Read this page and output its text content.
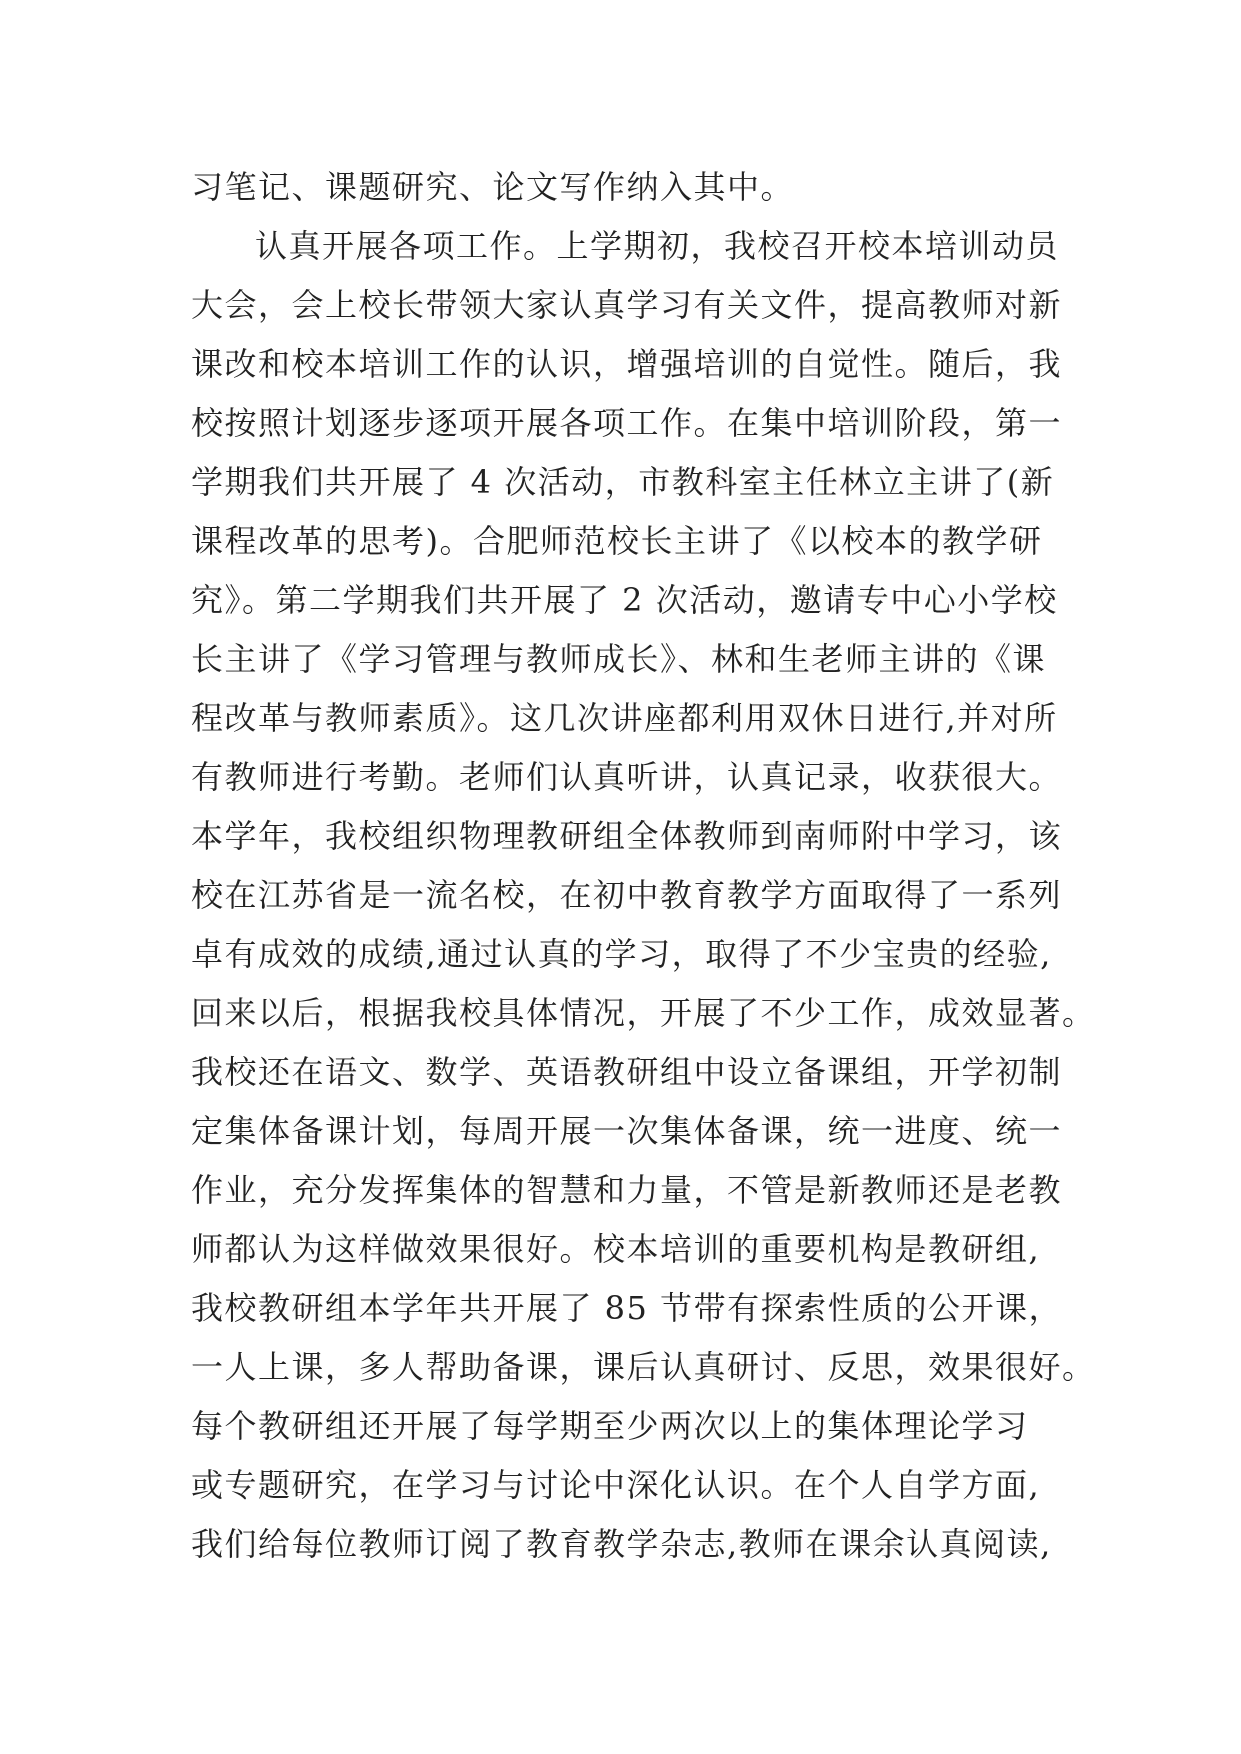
习笔记、课题研究、论文写作纳入其中。
认真开展各项工作。上学期初，我校召开校本培训动员
大会，会上校长带领大家认真学习有关文件，提高教师对新
课改和校本培训工作的认识，增强培训的自觉性。随后，我
校按照计划逐步逐项开展各项工作。在集中培训阶段，第一
学期我们共开展了 4 次活动，市教科室主任林立主讲了(新
课程改革的思考)。合肥师范校长主讲了《以校本的教学研
究》。第二学期我们共开展了 2 次活动，邀请专中心小学校
长主讲了《学习管理与教师成长》、林和生老师主讲的《课
程改革与教师素质》。这几次讲座都利用双休日进行,并对所
有教师进行考勤。老师们认真听讲，认真记录，收获很大。
本学年，我校组织物理教研组全体教师到南师附中学习，该
校在江苏省是一流名校，在初中教育教学方面取得了一系列
卓有成效的成绩,通过认真的学习，取得了不少宝贵的经验,
回来以后，根据我校具体情况，开展了不少工作，成效显著。
我校还在语文、数学、英语教研组中设立备课组，开学初制
定集体备课计划，每周开展一次集体备课，统一进度、统一
作业，充分发挥集体的智慧和力量，不管是新教师还是老教
师都认为这样做效果很好。校本培训的重要机构是教研组,
我校教研组本学年共开展了 85 节带有探索性质的公开课，
一人上课，多人帮助备课，课后认真研讨、反思，效果很好。
每个教研组还开展了每学期至少两次以上的集体理论学习
或专题研究，在学习与讨论中深化认识。在个人自学方面,
我们给每位教师订阅了教育教学杂志,教师在课余认真阅读,
